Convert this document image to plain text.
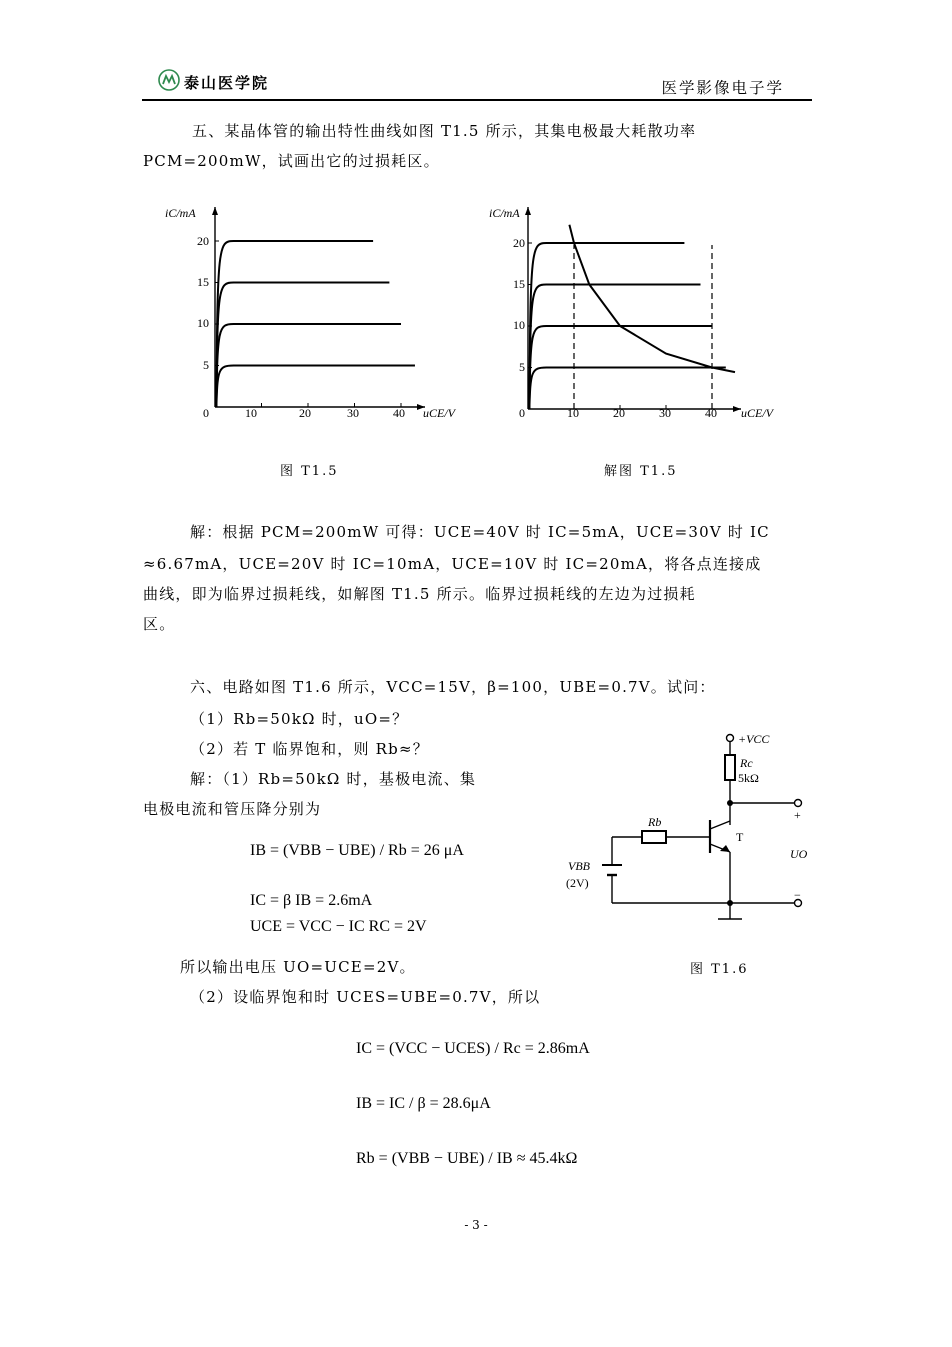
泰山医学院	医学影像电子学
五、某晶体管的输出特性曲线如图 T1.5 所示，其集电极最大耗散功率
PCM=200mW，试画出它的过损耗区。
iC/mA
uCE/V
0	10	20	30	40
5
10
15
20
图 T1.5
iC/mA
uCE/V
0	10	20	30	40
5
10
15
20
解图 T1.5
解：根据 PCM=200mW 可得：UCE=40V 时 IC=5mA，UCE=30V 时 IC
≈6.67mA，UCE=20V 时 IC=10mA，UCE=10V 时 IC=20mA，将各点连接成
曲线，即为临界过损耗线，如解图 T1.5 所示。临界过损耗线的左边为过损耗
区。
六、电路如图 T1.6 所示，VCC=15V，β=100，UBE=0.7V。试问：
（1）Rb=50kΩ 时，uO=？
（2）若 T 临界饱和，则 Rb≈？
解：（1）Rb=50kΩ 时，基极电流、集
电极电流和管压降分别为
IB = (VBB − UBE) / Rb = 26 μA
IC = β IB = 2.6mA
UCE = VCC − IC RC = 2V
所以输出电压 UO=UCE=2V。
（2）设临界饱和时 UCES=UBE=0.7V，所以
IC = (VCC − UCES) / Rc = 2.86mA
IB = IC / β = 28.6μA
Rb = (VBB − UBE) / IB ≈ 45.4kΩ
+VCC
Rc
5kΩ
Rb
T
VBB
(2V)
+
−
UO
图 T1.6
- 3 -
